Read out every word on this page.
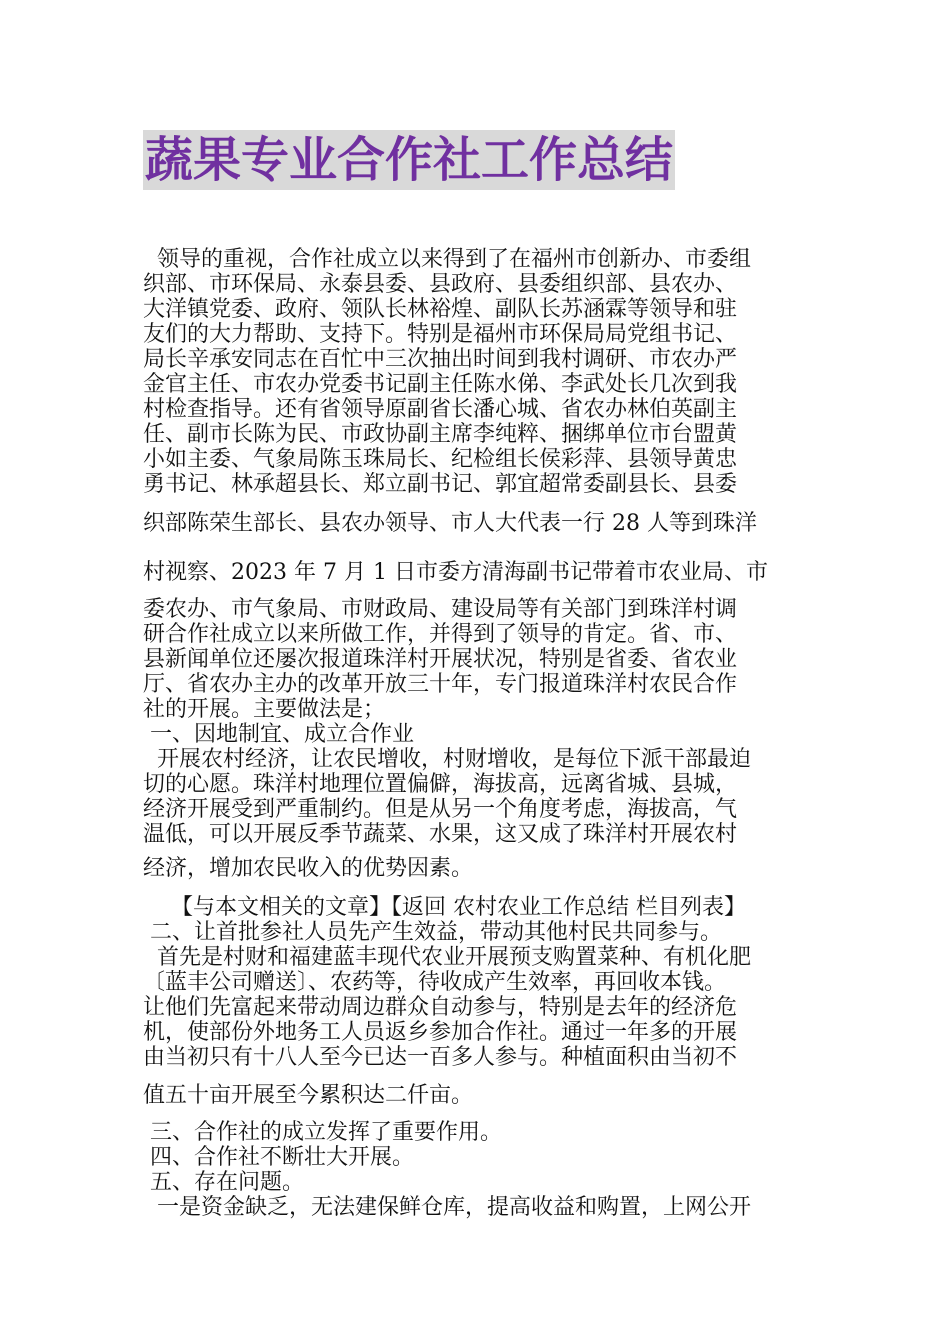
蔬果专业合作社工作总结
领导的重视，合作社成立以来得到了在福州市创新办、市委组
织部、市环保局、永泰县委、县政府、县委组织部、县农办、
大洋镇党委、政府、领队长林裕煌、副队长苏涵霖等领导和驻
友们的大力帮助、支持下。特别是福州市环保局局党组书记、
局长辛承安同志在百忙中三次抽出时间到我村调研、市农办严
金官主任、市农办党委书记副主任陈水俤、李武处长几次到我
村检查指导。还有省领导原副省长潘心城、省农办林伯英副主
任、副市长陈为民、市政协副主席李纯粹、捆绑单位市台盟黄
小如主委、气象局陈玉珠局长、纪检组长侯彩萍、县领导黄忠
勇书记、林承超县长、郑立副书记、郭宜超常委副县长、县委
织部陈荣生部长、县农办领导、市人大代表一行 28 人等到珠洋
村视察、2023 年 7 月 1 日市委方清海副书记带着市农业局、市
委农办、市气象局、市财政局、建设局等有关部门到珠洋村调
研合作社成立以来所做工作，并得到了领导的肯定。省、市、
县新闻单位还屡次报道珠洋村开展状况，特别是省委、省农业
厅、省农办主办的改革开放三十年，专门报道珠洋村农民合作
社的开展。主要做法是；
一、因地制宜、成立合作业
开展农村经济，让农民增收，村财增收，是每位下派干部最迫
切的心愿。珠洋村地理位置偏僻，海拔高，远离省城、县城，
经济开展受到严重制约。但是从另一个角度考虑，海拔高，气
温低，可以开展反季节蔬菜、水果，这又成了珠洋村开展农村
经济，增加农民收入的优势因素。
【与本文相关的文章】【返回 农村农业工作总结 栏目列表】
二、让首批参社人员先产生效益，带动其他村民共同参与。
首先是村财和福建蓝丰现代农业开展预支购置菜种、有机化肥
〔蓝丰公司赠送〕、农药等，待收成产生效率，再回收本钱。
让他们先富起来带动周边群众自动参与，特别是去年的经济危
机，使部份外地务工人员返乡参加合作社。通过一年多的开展
由当初只有十八人至今已达一百多人参与。种植面积由当初不
值五十亩开展至今累积达二仟亩。
三、合作社的成立发挥了重要作用。
四、合作社不断壮大开展。
五、存在问题。
一是资金缺乏，无法建保鲜仓库，提高收益和购置，上网公开
